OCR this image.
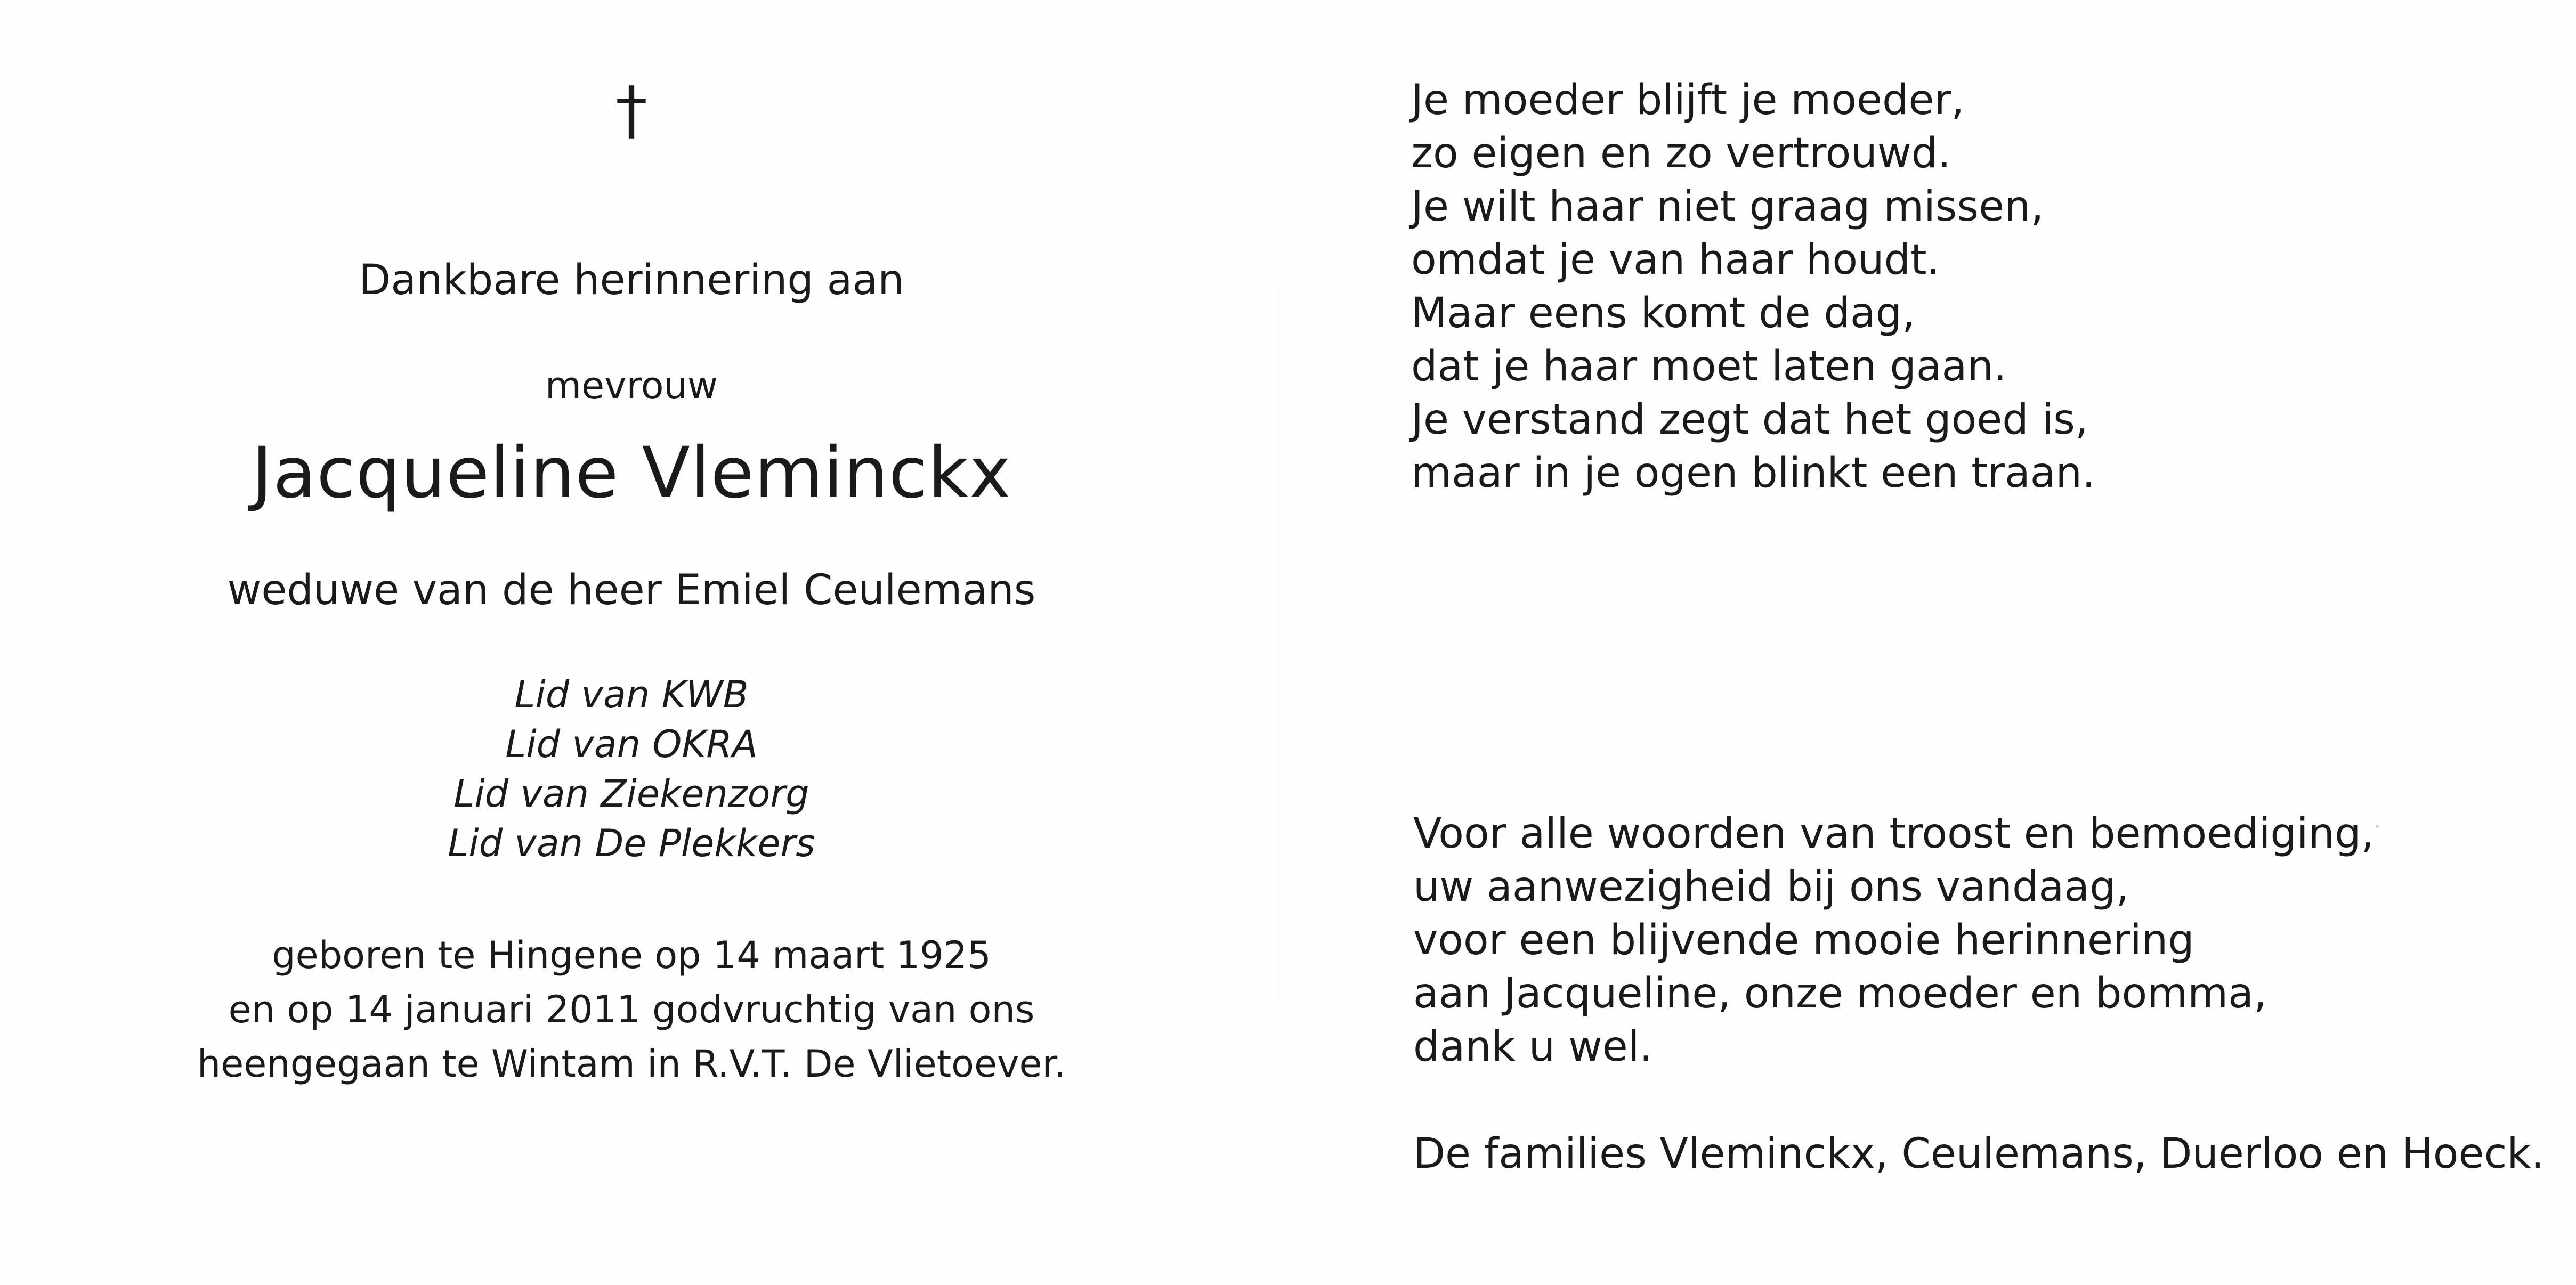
†
Dankbare herinnering aan
mevrouw
Jacqueline Vleminckx
weduwe van de heer Emiel Ceulemans
Lid van KWB
Lid van OKRA
Lid van Ziekenzorg
Lid van De Plekkers
geboren te Hingene op 14 maart 1925
en op 14 januari 2011 godvruchtig van ons
heengegaan te Wintam in R.V.T. De Vlietoever.
Je moeder blijft je moeder,
zo eigen en zo vertrouwd.
Je wilt haar niet graag missen,
omdat je van haar houdt.
Maar eens komt de dag,
dat je haar moet laten gaan.
Je verstand zegt dat het goed is,
maar in je ogen blinkt een traan.
Voor alle woorden van troost en bemoediging,
uw aanwezigheid bij ons vandaag,
voor een blijvende mooie herinnering
aan Jacqueline, onze moeder en bomma,
dank u wel.
De families Vleminckx, Ceulemans, Duerloo en Hoeck.
